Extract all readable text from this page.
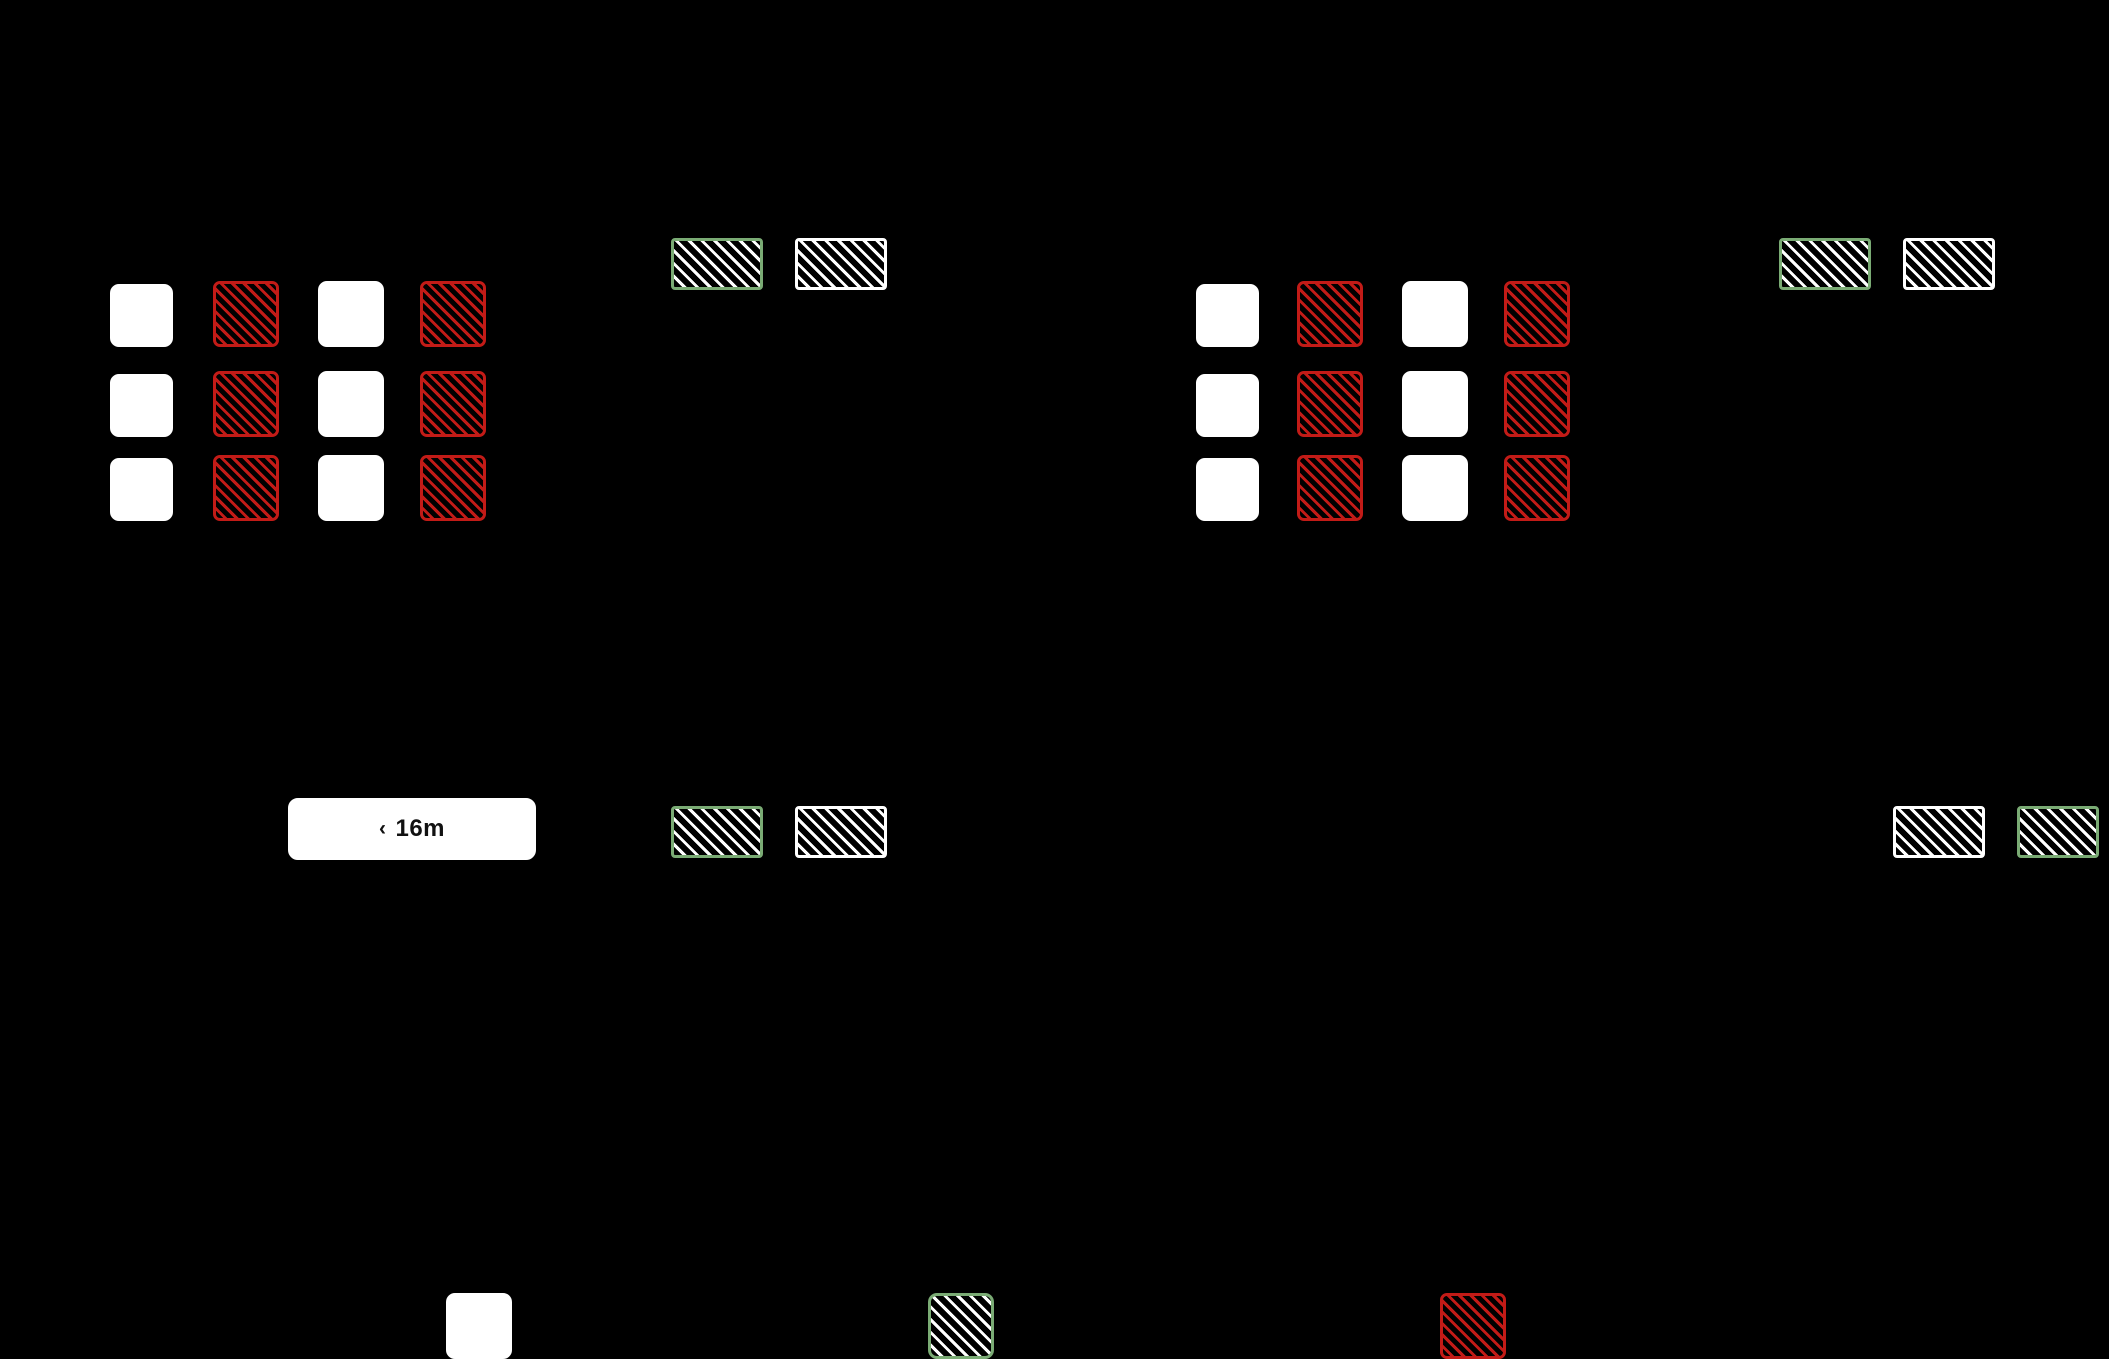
‹ 16m
